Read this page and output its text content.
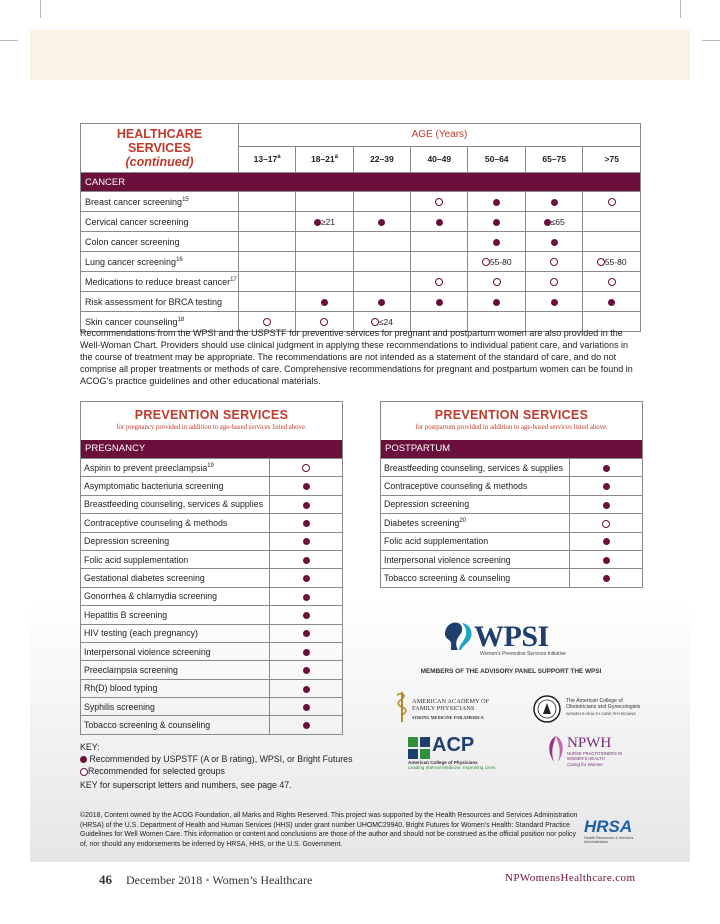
HEALTHCARE SERVICES
(continued)	AGE (Years)						
	13–17$^a$	18–21$^a$	22–39	40–49	50–64	65–75	>75
CANCER							
Breast cancer screening$^{15}$							
Cervical cancer screening		≥21				≤65	
Colon cancer screening							
Lung cancer screening$^{16}$					55-80		55-80
Medications to reduce breast cancer$^{17}$							
Risk assessment for BRCA testing							
Skin cancer counseling$^{18}$			≤24				
Recommendations from the WPSI and the USPSTF for preventive services for pregnant and postpartum women are also provided in the Well-Woman Chart. Providers should use clinical judgment in applying these recommendations to individual patient care, and variations in the course of treatment may be appropriate. The recommendations are not intended as a statement of the standard of care, and do not comprise all proper treatments or methods of care. Comprehensive recommendations for pregnant and postpartum women can be found in ACOG’s practice guidelines and other educational materials.
PREVENTION SERVICES
for pregnancy provided in addition to age-based services listed above.
PREGNANCY
Aspirin to prevent preeclampsia$^{19}$	
Asymptomatic bacteriuria screening	
Breastfeeding counseling, services & supplies	
Contraceptive counseling & methods	
Depression screening	
Folic acid supplementation	
Gestational diabetes screening	
Gonorrhea & chlamydia screening	
Hepatitis B screening	
HIV testing (each pregnancy)	
Interpersonal violence screening	
Preeclampsia screening	
Rh(D) blood typing	
Syphilis screening	
Tobacco screening & counseling	
PREVENTION SERVICES
for postpartum provided in addition to age-based services listed above.
POSTPARTUM
Breastfeeding counseling, services & supplies	
Contraceptive counseling & methods	
Depression screening	
Diabetes screening$^{20}$	
Folic acid supplementation	
Interpersonal violence screening	
Tobacco screening & counseling	
KEY:
Recommended by USPSTF (A or B rating), WPSI, or Bright Futures
Recommended for selected groups
KEY for superscript letters and numbers, see page 47.
WPSI
Women’s Preventive Services Initiative
MEMBERS OF THE ADVISORY PANEL SUPPORT THE WPSI
AMERICAN ACADEMY OF FAMILY PHYSICIANS
STRONG MEDICINE FOR AMERICA
The American College of Obstetricians and Gynecologists
WOMEN’S HEALTH CARE PHYSICIANS
ACP
American College of Physicians
Leading Internal Medicine, Improving Lives
NPWH
NURSE PRACTITIONERS IN WOMEN’S HEALTH
Caring for Women
©2018, Content owned by the ACOG Foundation, all Marks and Rights Reserved. This project was supported by the Health Resources and Services Administration (HRSA) of the U.S. Department of Health and Human Services (HHS) under grant number UHOMC29940, Bright Futures for Women’s Health: Standard Practice Guidelines for Well Women Care. This information or content and conclusions are those of the author and should not be construed as the official position nor policy of, nor should any endorsements be inferred by HRSA, HHS, or the U.S. Government.
HRSA
Health Resources & Services Administration
46 December 2018 • Women’s Healthcare	NPWomensHealthcare.com
